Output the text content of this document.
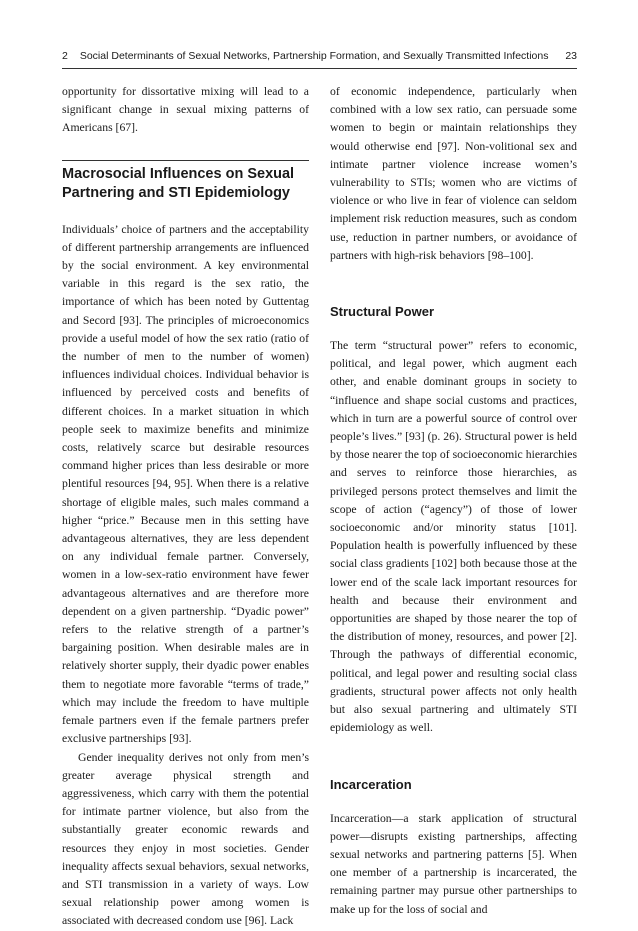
2 Social Determinants of Sexual Networks, Partnership Formation, and Sexually Transmitted Infections	23

opportunity for dissortative mixing will lead to a significant change in sexual mixing patterns of Americans [67].

Macrosocial Influences on Sexual Partnering and STI Epidemiology

Individuals’ choice of partners and the acceptability of different partnership arrangements are influenced by the social environment. A key environmental variable in this regard is the sex ratio, the importance of which has been noted by Guttentag and Secord [93]. The principles of microeconomics provide a useful model of how the sex ratio (ratio of the number of men to the number of women) influences individual choices. Individual behavior is influenced by perceived costs and benefits of different choices. In a market situation in which people seek to maximize benefits and minimize costs, relatively scarce but desirable resources command higher prices than less desirable or more plentiful resources [94, 95]. When there is a relative shortage of eligible males, such males command a higher “price.” Because men in this setting have advantageous alternatives, they are less dependent on any individual female partner. Conversely, women in a low-sex-ratio environment have fewer advantageous alternatives and are therefore more dependent on a given partnership. “Dyadic power” refers to the relative strength of a partner’s bargaining position. When desirable males are in relatively shorter supply, their dyadic power enables them to negotiate more favorable “terms of trade,” which may include the freedom to have multiple female partners even if the female partners prefer exclusive partnerships [93].

Gender inequality derives not only from men’s greater average physical strength and aggressiveness, which carry with them the potential for intimate partner violence, but also from the substantially greater economic rewards and resources they enjoy in most societies. Gender inequality affects sexual behaviors, sexual networks, and STI transmission in a variety of ways. Low sexual relationship power among women is associated with decreased condom use [96]. Lack

of economic independence, particularly when combined with a low sex ratio, can persuade some women to begin or maintain relationships they would otherwise end [97]. Non-volitional sex and intimate partner violence increase women’s vulnerability to STIs; women who are victims of violence or who live in fear of violence can seldom implement risk reduction measures, such as condom use, reduction in partner numbers, or avoidance of partners with high-risk behaviors [98–100].

Structural Power

The term “structural power” refers to economic, political, and legal power, which augment each other, and enable dominant groups in society to “influence and shape social customs and practices, which in turn are a powerful source of control over people’s lives.” [93] (p. 26). Structural power is held by those nearer the top of socioeconomic hierarchies and serves to reinforce those hierarchies, as privileged persons protect themselves and limit the scope of action (“agency”) of those of lower socioeconomic and/or minority status [101]. Population health is powerfully influenced by these social class gradients [102] both because those at the lower end of the scale lack important resources for health and because their environment and opportunities are shaped by those nearer the top of the distribution of money, resources, and power [2]. Through the pathways of differential economic, political, and legal power and resulting social class gradients, structural power affects not only health but also sexual partnering and ultimately STI epidemiology as well.

Incarceration

Incarceration—a stark application of structural power—disrupts existing partnerships, affecting sexual networks and partnering patterns [5]. When one member of a partnership is incarcerated, the remaining partner may pursue other partnerships to make up for the loss of social and
